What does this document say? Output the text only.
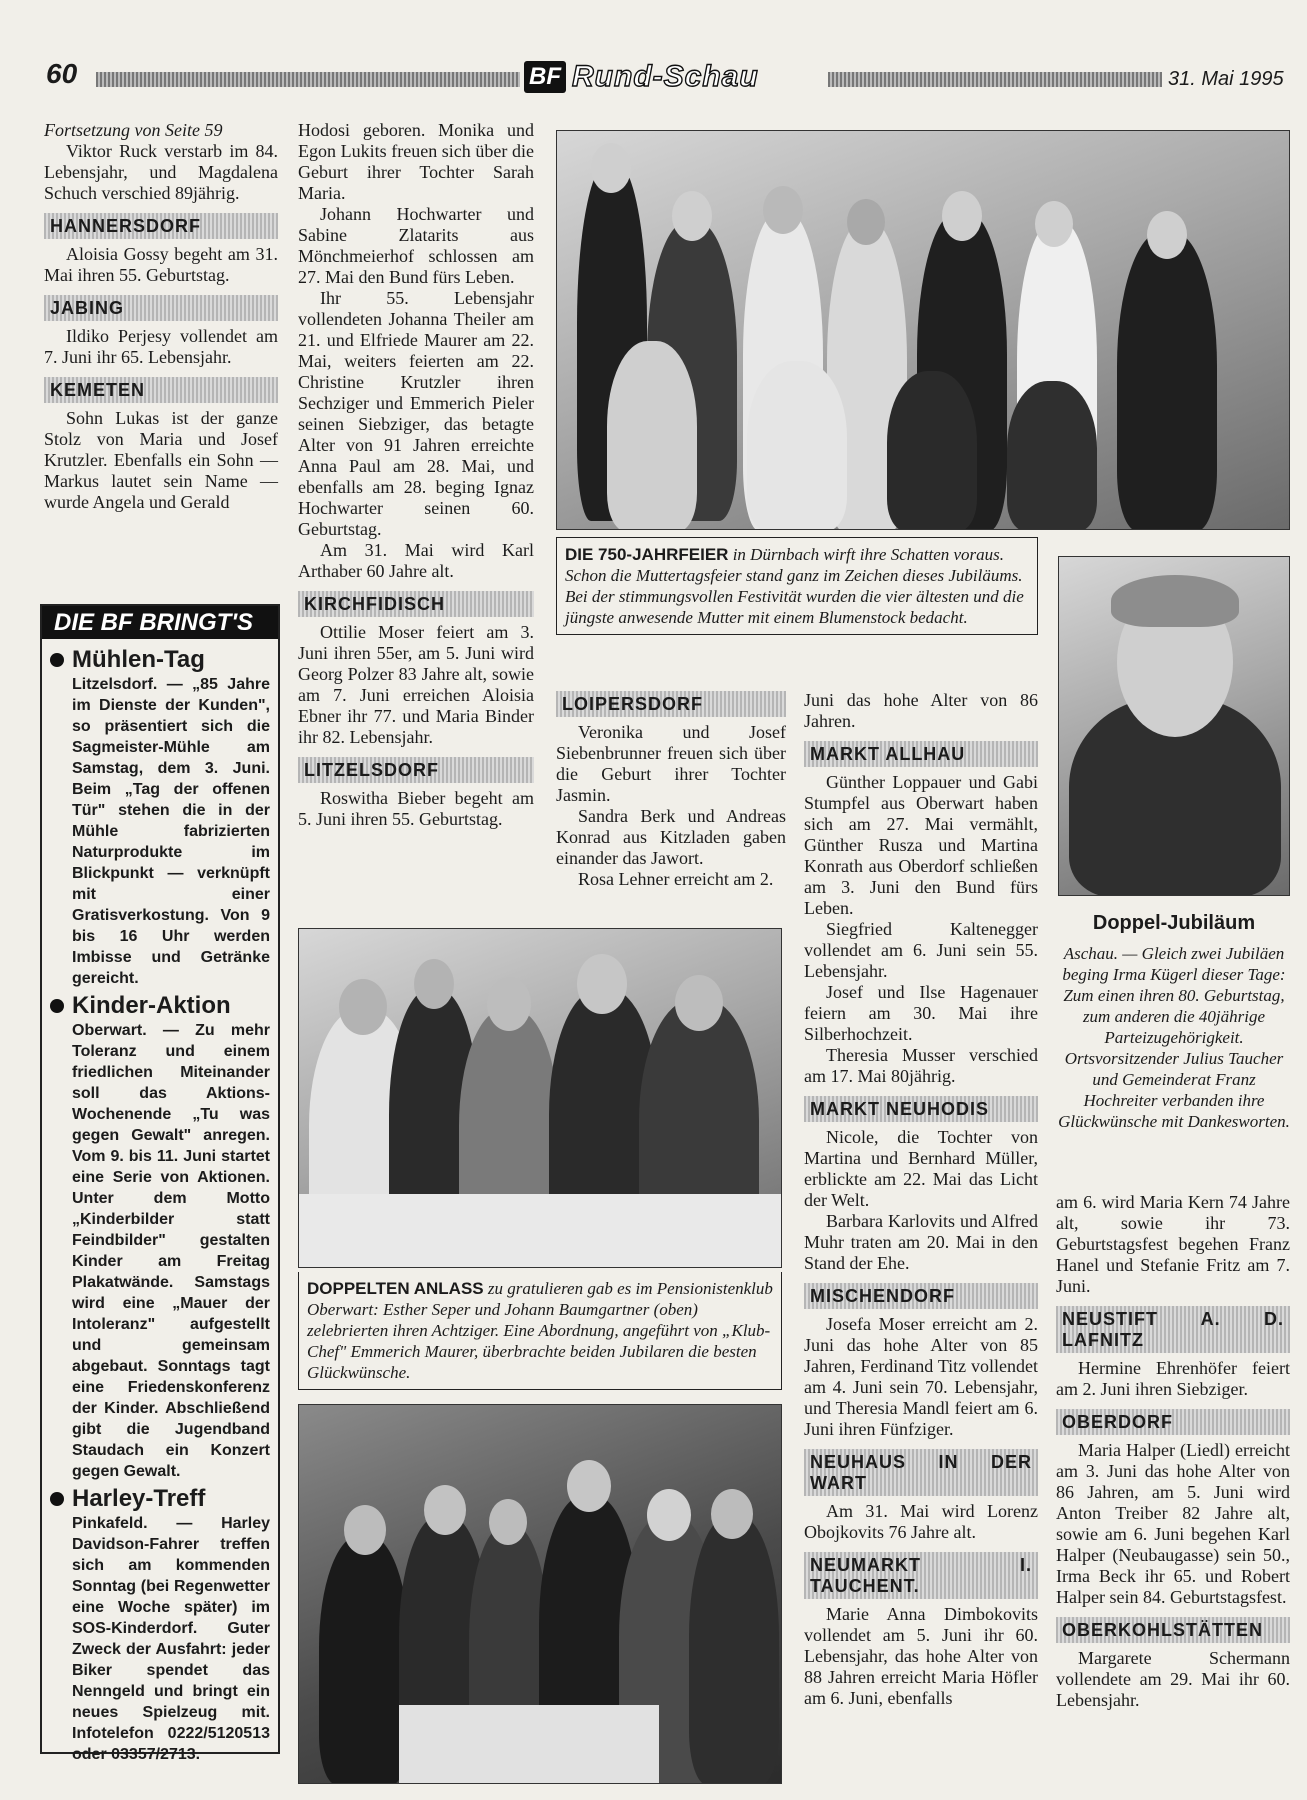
60	BF Rund-Schau	31. Mai 1995

Fortsetzung von Seite 59

Viktor Ruck verstarb im 84. Lebensjahr, und Magdalena Schuch verschied 89jährig.

HANNERSDORF

Aloisia Gossy begeht am 31. Mai ihren 55. Geburtstag.

JABING

Ildiko Perjesy vollendet am 7. Juni ihr 65. Lebensjahr.

KEMETEN

Sohn Lukas ist der ganze Stolz von Maria und Josef Krutzler. Ebenfalls ein Sohn — Markus lautet sein Name — wurde Angela und Gerald

DIE BF BRINGT'S
Mühlen-Tag
Litzelsdorf. — „85 Jahre im Dienste der Kunden", so präsentiert sich die Sagmeister-Mühle am Samstag, dem 3. Juni. Beim „Tag der offenen Tür" stehen die in der Mühle fabrizierten Naturprodukte im Blickpunkt — verknüpft mit einer Gratisverkostung. Von 9 bis 16 Uhr werden Imbisse und Getränke gereicht.
Kinder-Aktion
Oberwart. — Zu mehr Toleranz und einem friedlichen Miteinander soll das Aktions-Wochenende „Tu was gegen Gewalt" anregen. Vom 9. bis 11. Juni startet eine Serie von Aktionen. Unter dem Motto „Kinderbilder statt Feindbilder" gestalten Kinder am Freitag Plakatwände. Samstags wird eine „Mauer der Intoleranz" aufgestellt und gemeinsam abgebaut. Sonntags tagt eine Friedenskonferenz der Kinder. Abschließend gibt die Jugendband Staudach ein Konzert gegen Gewalt.
Harley-Treff
Pinkafeld. — Harley Davidson-Fahrer treffen sich am kommenden Sonntag (bei Regenwetter eine Woche später) im SOS-Kinderdorf. Guter Zweck der Ausfahrt: jeder Biker spendet das Nenngeld und bringt ein neues Spielzeug mit. Infotelefon 0222/5120513 oder 03357/2713.

Hodosi geboren. Monika und Egon Lukits freuen sich über die Geburt ihrer Tochter Sarah Maria.

Johann Hochwarter und Sabine Zlatarits aus Mönchmeierhof schlossen am 27. Mai den Bund fürs Leben.

Ihr 55. Lebensjahr vollendeten Johanna Theiler am 21. und Elfriede Maurer am 22. Mai, weiters feierten am 22. Christine Krutzler ihren Sechziger und Emmerich Pieler seinen Siebziger, das betagte Alter von 91 Jahren erreichte Anna Paul am 28. Mai, und ebenfalls am 28. beging Ignaz Hochwarter seinen 60. Geburtstag.

Am 31. Mai wird Karl Arthaber 60 Jahre alt.

KIRCHFIDISCH

Ottilie Moser feiert am 3. Juni ihren 55er, am 5. Juni wird Georg Polzer 83 Jahre alt, sowie am 7. Juni erreichen Aloisia Ebner ihr 77. und Maria Binder ihr 82. Lebensjahr.

LITZELSDORF

Roswitha Bieber begeht am 5. Juni ihren 55. Geburtstag.

DIE 750-JAHRFEIER in Dürnbach wirft ihre Schatten voraus. Schon die Muttertagsfeier stand ganz im Zeichen dieses Jubiläums. Bei der stimmungsvollen Festivität wurden die vier ältesten und die jüngste anwesende Mutter mit einem Blumenstock bedacht.
LOIPERSDORF

Veronika und Josef Siebenbrunner freuen sich über die Geburt ihrer Tochter Jasmin.

Sandra Berk und Andreas Konrad aus Kitzladen gaben einander das Jawort.

Rosa Lehner erreicht am 2.

Juni das hohe Alter von 86 Jahren.

MARKT ALLHAU

Günther Loppauer und Gabi Stumpfel aus Oberwart haben sich am 27. Mai vermählt, Günther Rusza und Martina Konrath aus Oberdorf schließen am 3. Juni den Bund fürs Leben.

Siegfried Kaltenegger vollendet am 6. Juni sein 55. Lebensjahr.

Josef und Ilse Hagenauer feiern am 30. Mai ihre Silberhochzeit.

Theresia Musser verschied am 17. Mai 80jährig.

MARKT NEUHODIS

Nicole, die Tochter von Martina und Bernhard Müller, erblickte am 22. Mai das Licht der Welt.

Barbara Karlovits und Alfred Muhr traten am 20. Mai in den Stand der Ehe.

MISCHENDORF

Josefa Moser erreicht am 2. Juni das hohe Alter von 85 Jahren, Ferdinand Titz vollendet am 4. Juni sein 70. Lebensjahr, und Theresia Mandl feiert am 6. Juni ihren Fünfziger.

NEUHAUS IN DER WART

Am 31. Mai wird Lorenz Obojkovits 76 Jahre alt.

NEUMARKT I. TAUCHENT.

Marie Anna Dimbokovits vollendet am 5. Juni ihr 60. Lebensjahr, das hohe Alter von 88 Jahren erreicht Maria Höfler am 6. Juni, ebenfalls

DOPPELTEN ANLASS zu gratulieren gab es im Pensionistenklub Oberwart: Esther Seper und Johann Baumgartner (oben) zelebrierten ihren Achtziger. Eine Abordnung, angeführt von „Klub-Chef" Emmerich Maurer, überbrachte beiden Jubilaren die besten Glückwünsche.
Doppel-Jubiläum
Aschau. — Gleich zwei Jubiläen beging Irma Kügerl dieser Tage: Zum einen ihren 80. Geburtstag, zum anderen die 40jährige Parteizugehörigkeit. Ortsvorsitzender Julius Taucher und Gemeinderat Franz Hochreiter verbanden ihre Glückwünsche mit Dankesworten.

am 6. wird Maria Kern 74 Jahre alt, sowie ihr 73. Geburtstagsfest begehen Franz Hanel und Stefanie Fritz am 7. Juni.

NEUSTIFT A. D. LAFNITZ

Hermine Ehrenhöfer feiert am 2. Juni ihren Siebziger.

OBERDORF

Maria Halper (Liedl) erreicht am 3. Juni das hohe Alter von 86 Jahren, am 5. Juni wird Anton Treiber 82 Jahre alt, sowie am 6. Juni begehen Karl Halper (Neubaugasse) sein 50., Irma Beck ihr 65. und Robert Halper sein 84. Geburtstagsfest.

OBERKOHLSTÄTTEN

Margarete Schermann vollendete am 29. Mai ihr 60. Lebensjahr.
